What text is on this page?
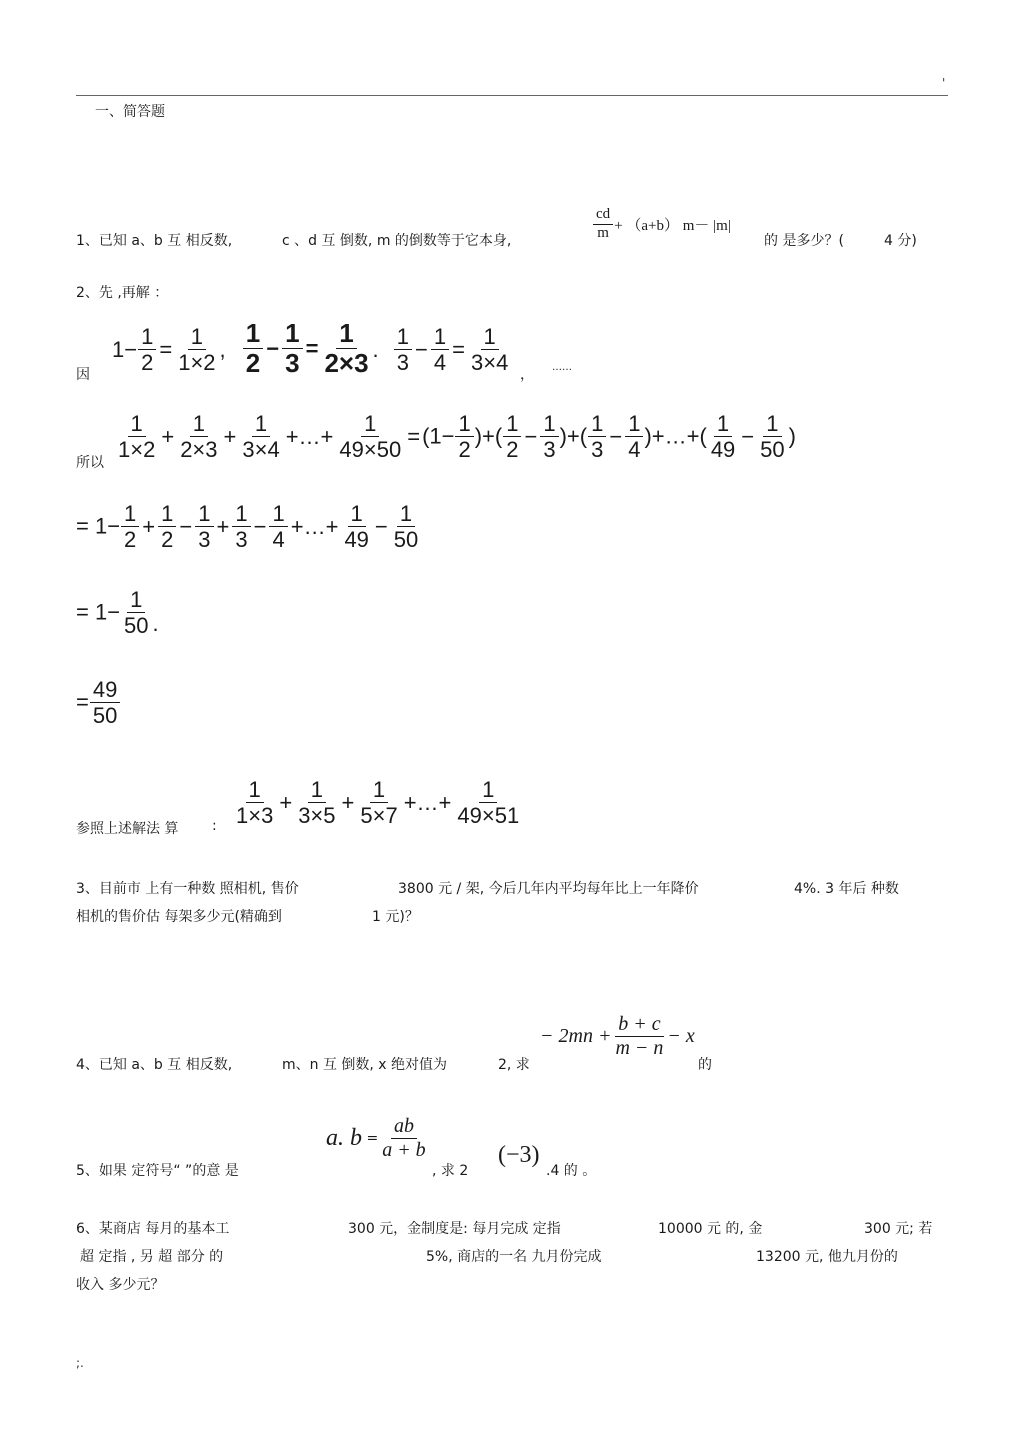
'
一、简答题
1、已知 a、b 互 相反数,	c 、d 互 倒数, m 的倒数等于它本身,	$\frac{cd}{m} + (a+b)$ m－ |m|
的 是多少？(	4 分)
2、先 ,再解 ：
因
$1- \frac{1}{2} = \frac{1}{1\times 2}$ , $\frac{1}{2} - \frac{1}{3} = \frac{1}{2\times 3}$ . $\frac{1}{3} - \frac{1}{4} = \frac{1}{3\times 4}$
， ……
所以
$\frac{1}{1\times 2} + \frac{1}{2\times 3} + \frac{1}{3\times 4}$ +…+ $\frac{1}{49\times 50} =(1- \frac{1}{2}$ )+( $\frac{1}{2} - \frac{1}{3}$ )+( $\frac{1}{3} - \frac{1}{4}$ )+…+( $\frac{1}{49} - \frac{1}{50}$ )
= $1- \frac{1}{2} + \frac{1}{2} - \frac{1}{3} + \frac{1}{3} - \frac{1}{4}$ +…+ $\frac{1}{49} - \frac{1}{50}$
= $1- \frac{1}{50}$ .
= $\frac{49}{50}$
参照上述解法 算 : $\frac{1}{1\times 3} + \frac{1}{3\times 5} + \frac{1}{5\times 7}$ +…+ $\frac{1}{49\times 51}$
3、目前市 上有一种数 照相机, 售价	3800 元 / 架, 今后几年内平均每年比上一年降价	4%. 3 年后 种数
相机的售价估 每架多少元(精确到	1 元)？
4、已知 a、b 互 相反数,	m、n 互 倒数, x 绝对值为	2, 求
− $2mn + \frac{b + c}{m - n} - x$
的
5、如果 定符号“ ”的意 是
a. $b = \frac{ab}{a + b}$
, 求 2
(−3)
.4 的 。
6、某商店 每月的基本工	300 元，金制度是: 每月完成 定指	10000 元 的, 金	300 元; 若
超 定指 , 另 超 部分 的	5%, 商店的一名 九月份完成	13200 元, 他九月份的
收入 多少元？
;.
